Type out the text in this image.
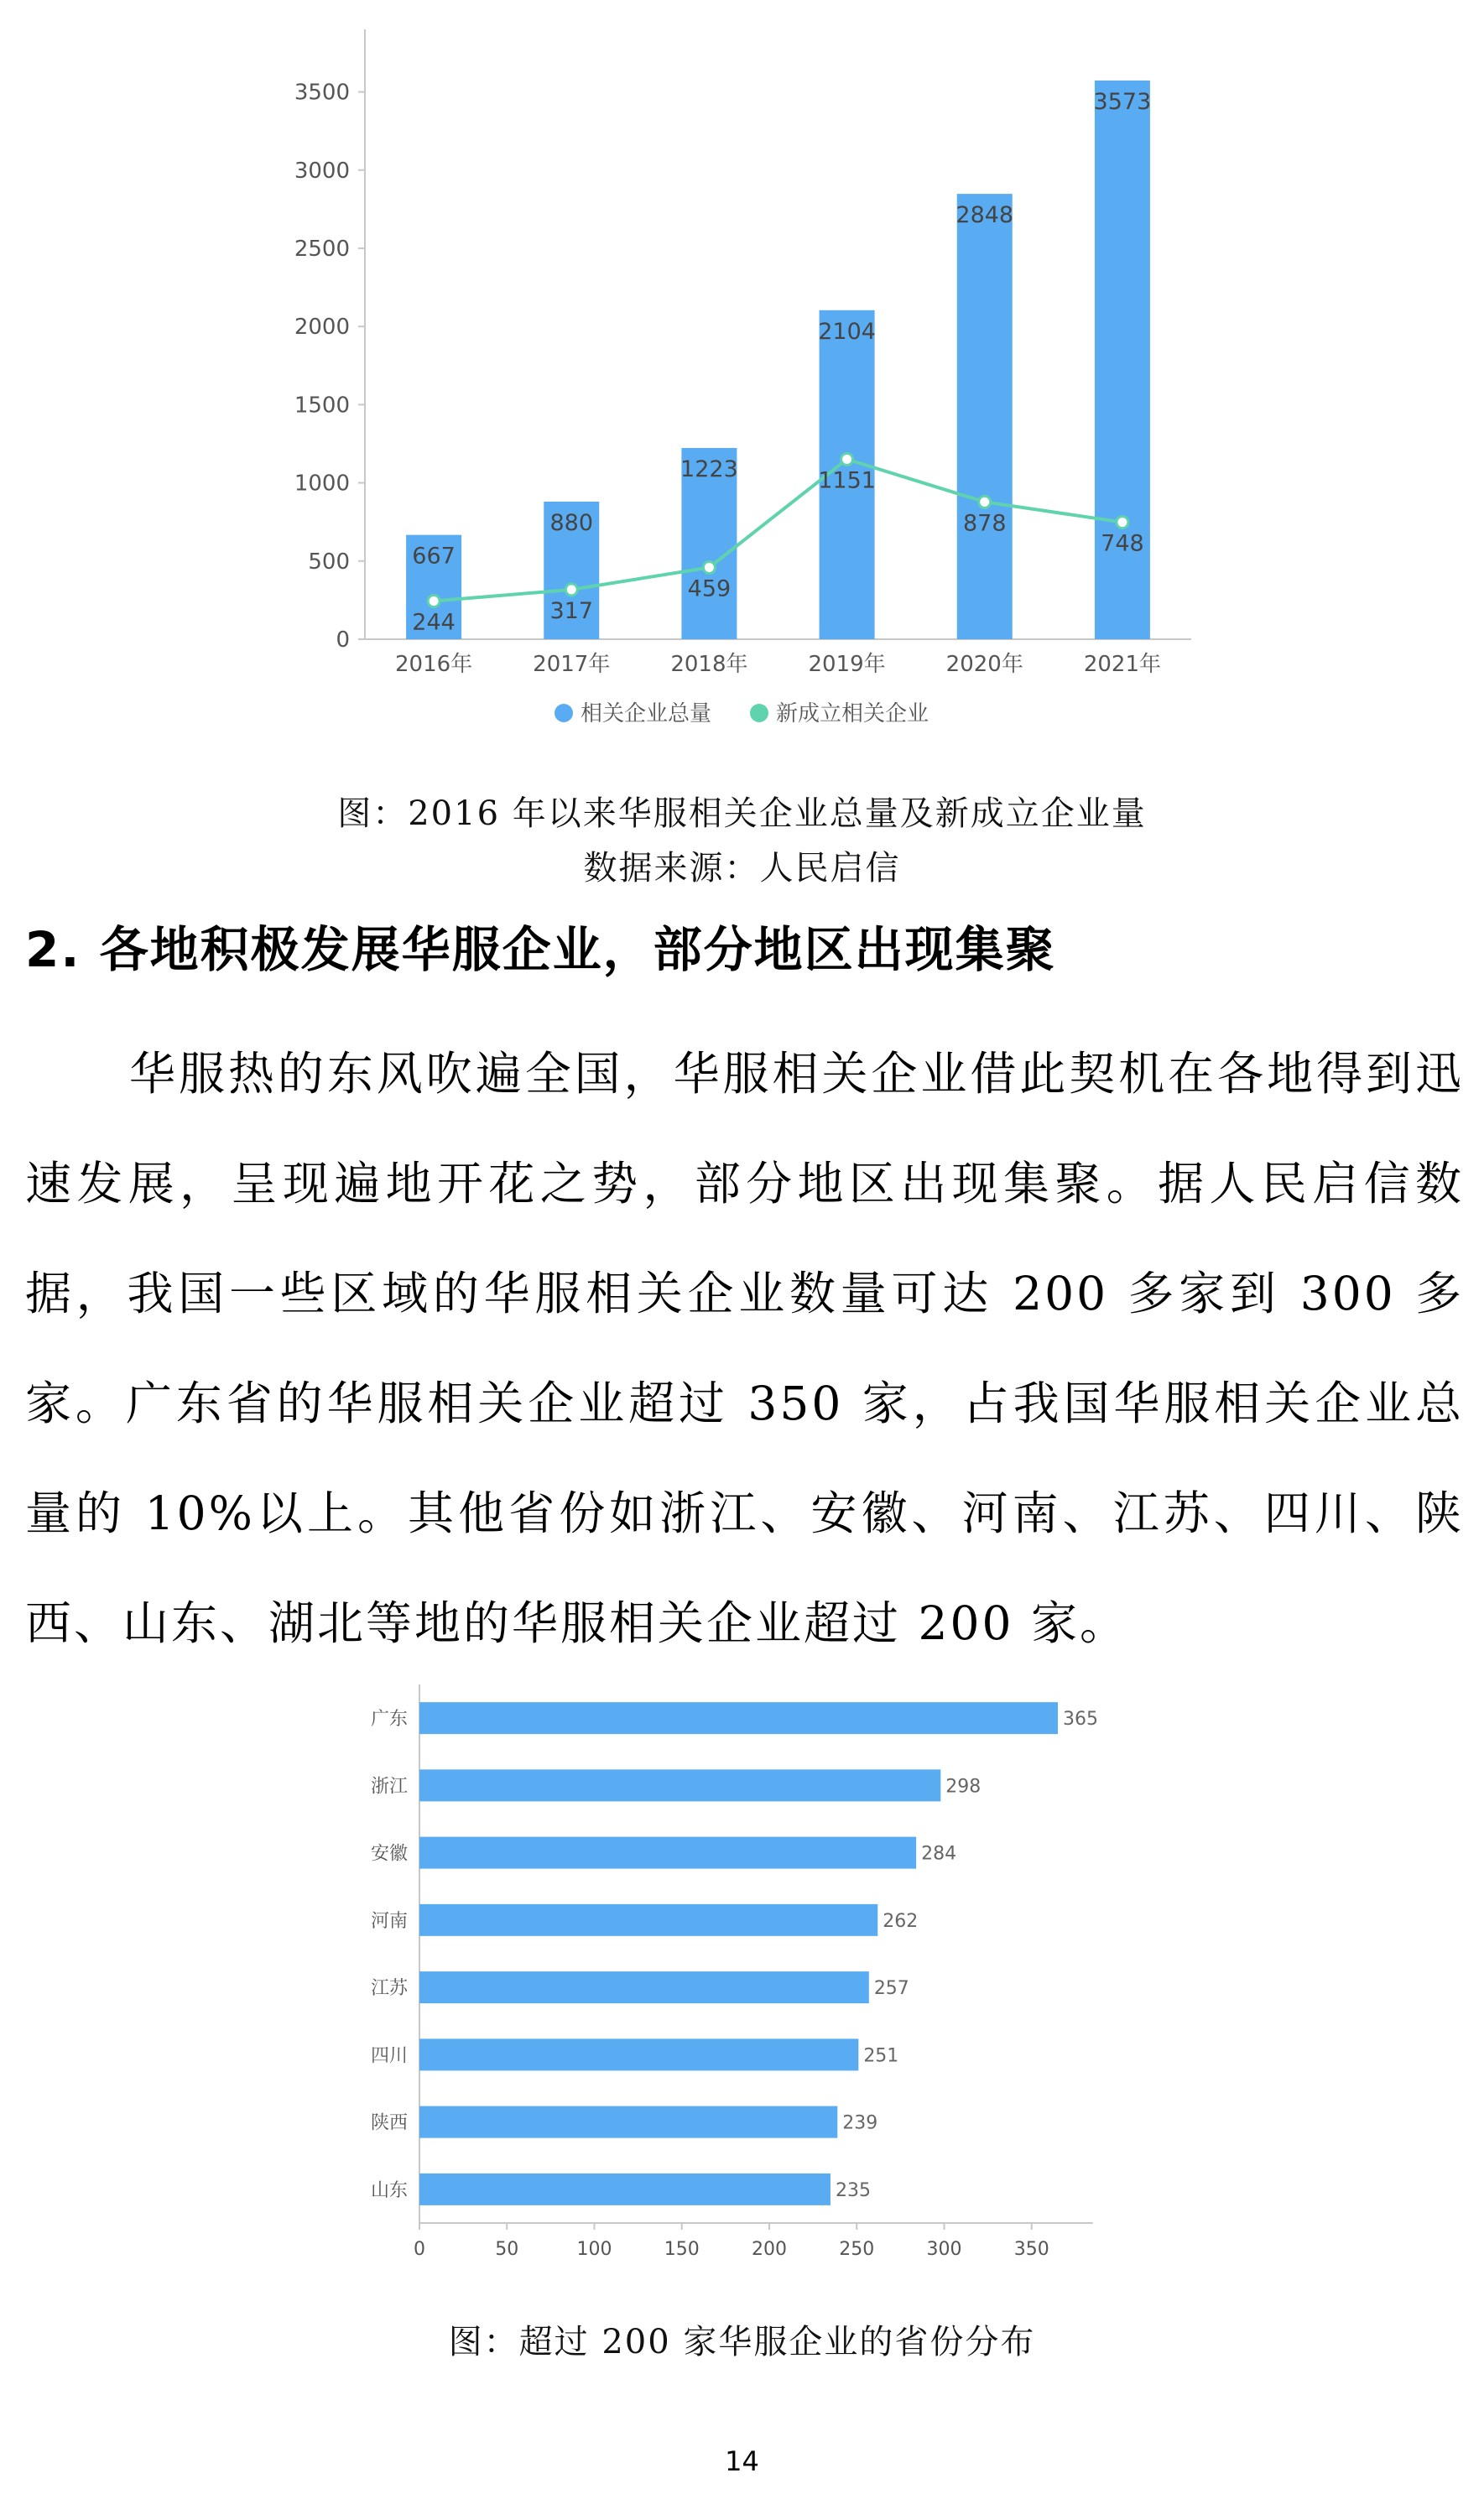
0
500
1000
1500
2000
2500
3000
3500
2016年	2017年	2018年	2019年	2020年	2021年
667
880
1223
2104
2848
3573
244	317
459
1151
878
748
相关企业总量	新成立相关企业
图：2016 年以来华服相关企业总量及新成立企业量
数据来源：人民启信
2. 各地积极发展华服企业，部分地区出现集聚

华服热的东风吹遍全国，华服相关企业借此契机在各地得到迅速发展，呈现遍地开花之势，部分地区出现集聚。据人民启信数据，我国一些区域的华服相关企业数量可达 200 多家到 300 多家。广东省的华服相关企业超过 350 家，占我国华服相关企业总量的 10%以上。其他省份如浙江、安徽、河南、江苏、四川、陕西、山东、湖北等地的华服相关企业超过 200 家。

0	50	100	150	200	250	300	350
广东
浙江
安徽
河南
江苏
四川
陕西
山东
365
298
284
262
257
251
239
235
图：超过 200 家华服企业的省份分布
14
